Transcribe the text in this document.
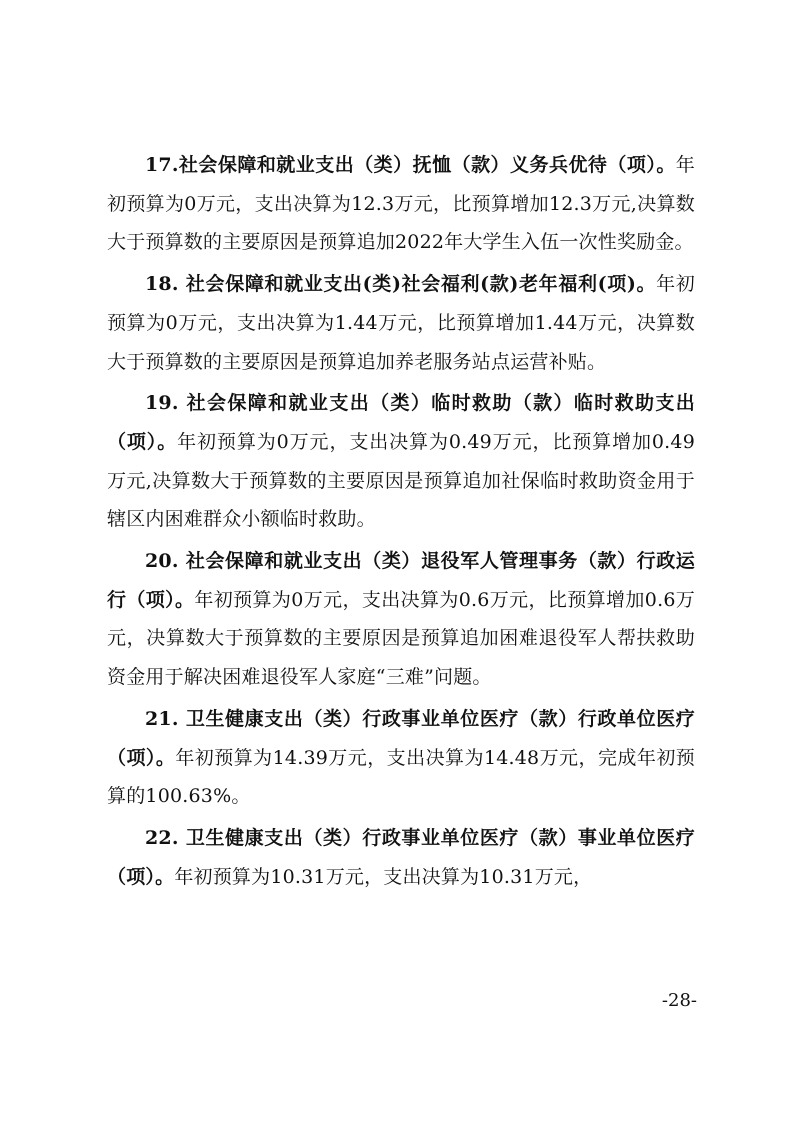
17.社会保障和就业支出（类）抚恤（款）义务兵优待（项）。年初预算为0万元，支出决算为12.3万元，比预算增加12.3万元,决算数大于预算数的主要原因是预算追加2022年大学生入伍一次性奖励金。

18. 社会保障和就业支出(类)社会福利(款)老年福利(项)。年初预算为0万元，支出决算为1.44万元，比预算增加1.44万元，决算数大于预算数的主要原因是预算追加养老服务站点运营补贴。

19. 社会保障和就业支出（类）临时救助（款）临时救助支出（项）。年初预算为0万元，支出决算为0.49万元，比预算增加0.49万元,决算数大于预算数的主要原因是预算追加社保临时救助资金用于辖区内困难群众小额临时救助。

20. 社会保障和就业支出（类）退役军人管理事务（款）行政运行（项）。年初预算为0万元，支出决算为0.6万元，比预算增加0.6万元，决算数大于预算数的主要原因是预算追加困难退役军人帮扶救助资金用于解决困难退役军人家庭“三难”问题。

21. 卫生健康支出（类）行政事业单位医疗（款）行政单位医疗（项）。年初预算为14.39万元，支出决算为14.48万元，完成年初预算的100.63%。

22. 卫生健康支出（类）行政事业单位医疗（款）事业单位医疗（项）。年初预算为10.31万元，支出决算为10.31万元，

-28-
